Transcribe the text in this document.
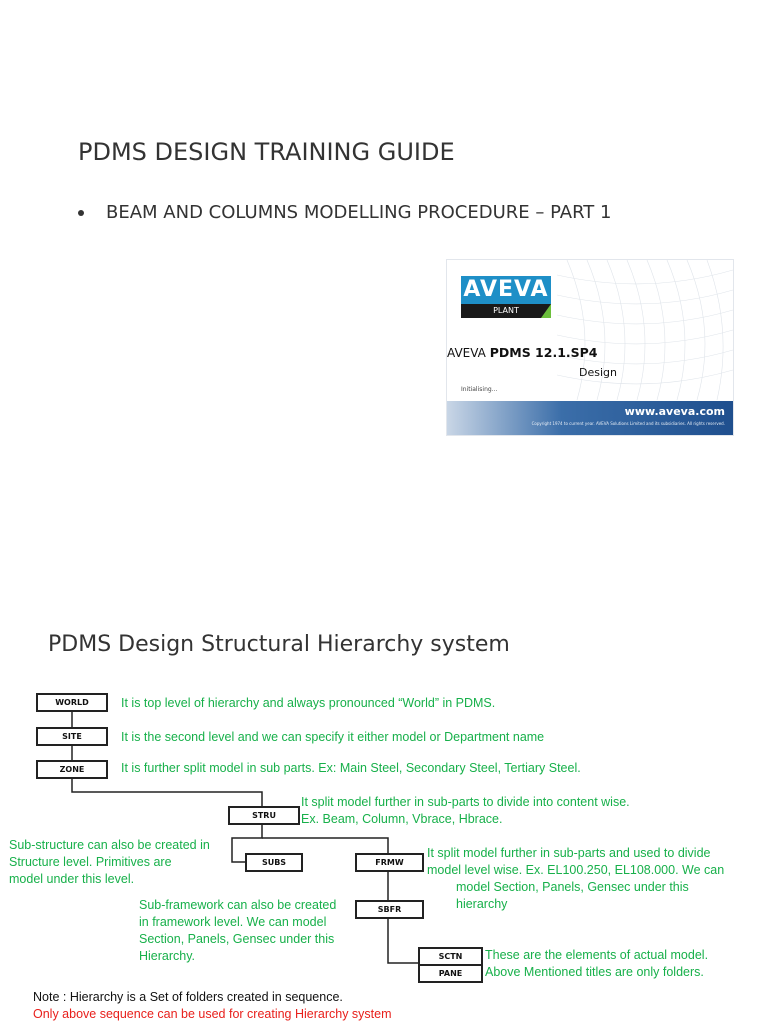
PDMS DESIGN TRAINING GUIDE
BEAM AND COLUMNS MODELLING PROCEDURE – PART 1
AVEVA
PLANT
AVEVA PDMS 12.1.SP4
Design
Initialising...
www.aveva.com
Copyright 1974 to current year. AVEVA Solutions Limited and its subsidiaries. All rights reserved.
PDMS Design Structural Hierarchy system
WORLD
SITE
ZONE
STRU
SUBS	FRMW
SBFR
SCTN
PANE
It is top level of hierarchy and always pronounced “World” in PDMS.
It is the second level and we can specify it either model or Department name
It is further split model in sub parts. Ex: Main Steel, Secondary Steel, Tertiary Steel.
It split model further in sub-parts to divide into content wise.
Ex. Beam, Column, Vbrace, Hbrace.
Sub-structure can also be created in
Structure level. Primitives are
model under this level.
It split model further in sub-parts and used to divide
model level wise. Ex. EL100.250, EL108.000. We can
model Section, Panels, Gensec under this
hierarchy
Sub-framework can also be created
in framework level. We can model
Section, Panels, Gensec under this
Hierarchy.	These are the elements of actual model.
Above Mentioned titles are only folders.
Note : Hierarchy is a Set of folders created in sequence.
Only above sequence can be used for creating Hierarchy system
